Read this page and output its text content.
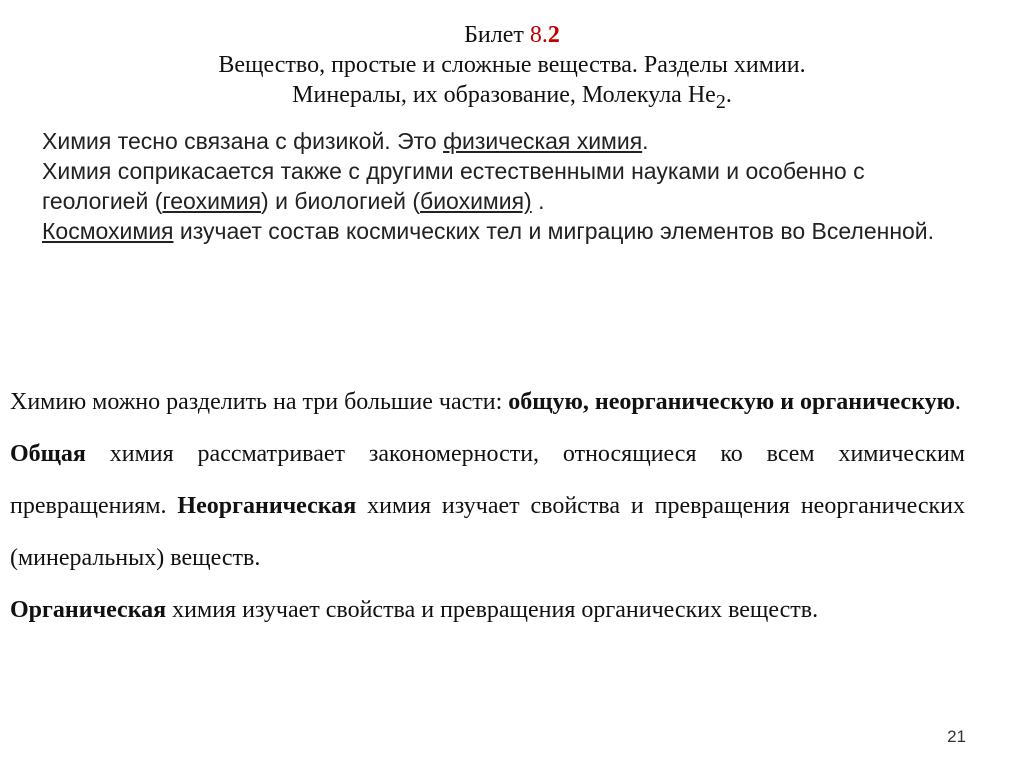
Билет 8.2
Вещество, простые и сложные вещества. Разделы химии.
Минералы, их образование, Молекула $He_2$.
Химия тесно связана с физикой. Это физическая химия.
Химия соприкасается также с другими естественными науками и особенно с геологией (геохимия) и биологией (биохимия) .
Космохимия изучает состав космических тел и миграцию элементов во Вселенной.

Химию можно разделить на три большие части: общую, неорганическую и органическую.

Общая химия рассматривает закономерности, относящиеся ко всем химическим превращениям. Неорганическая химия изучает свойства и превращения неорганических (минеральных) веществ.

Органическая химия изучает свойства и превращения органических веществ.

21
